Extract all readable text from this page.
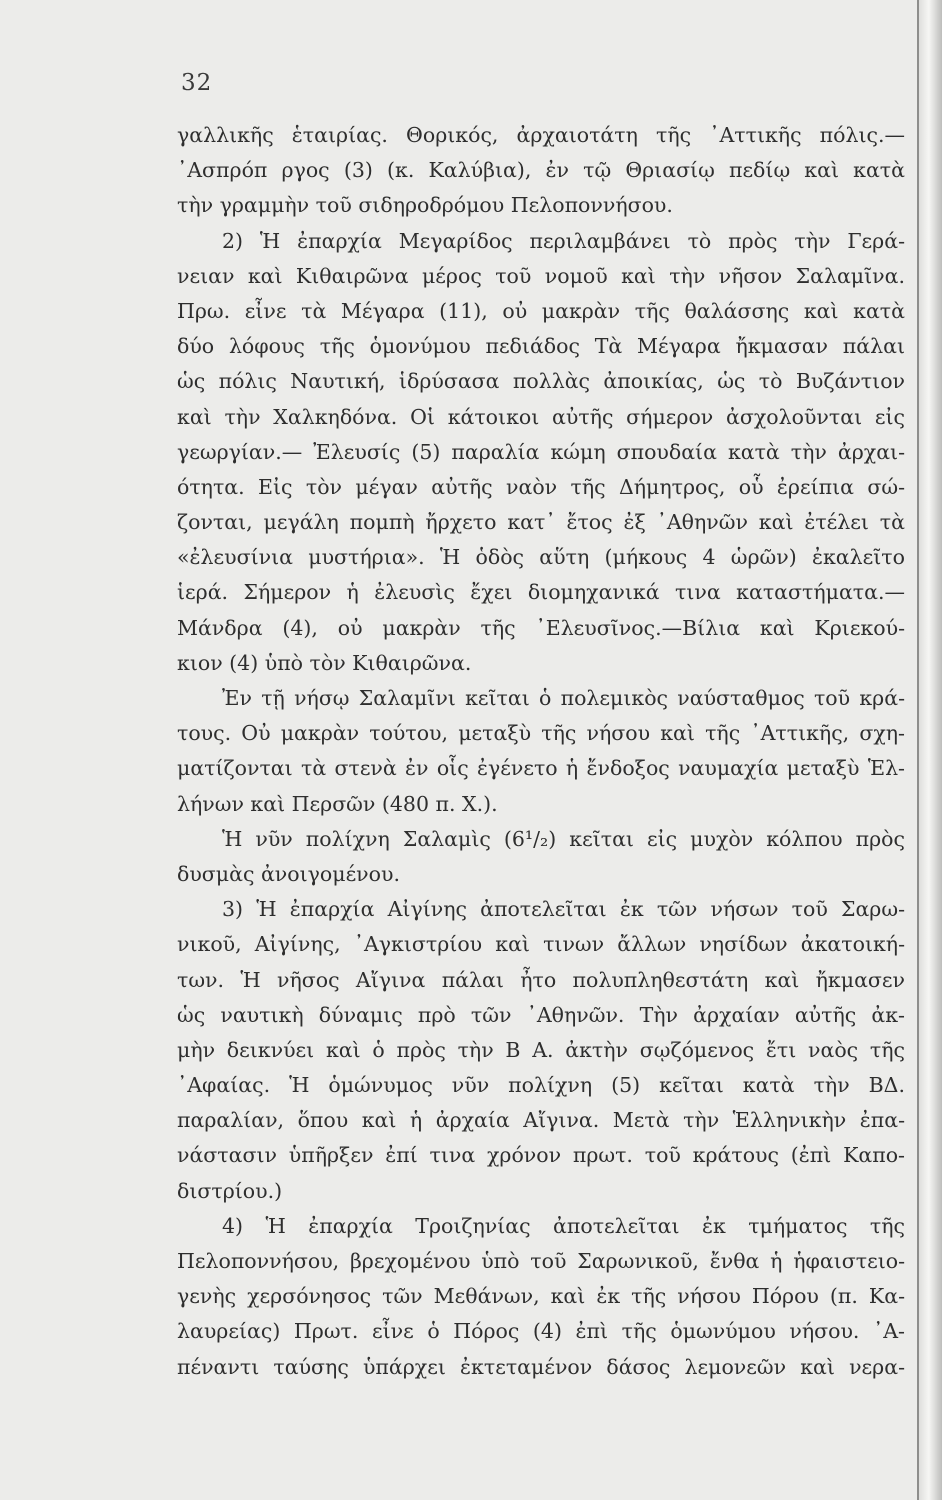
32
γαλλικῆς ἑταιρίας. Θορικός, ἀρχαιοτάτη τῆς ᾿Αττικῆς πόλις.—
᾿Ασπρόπ ργος (3) (κ. Καλύβια), ἐν τῷ Θριασίῳ πεδίῳ καὶ κατὰ
τὴν γραμμὴν τοῦ σιδηροδρόμου Πελοποννήσου.
2) Ἡ ἐπαρχία Μεγαρίδος περιλαμβάνει τὸ πρὸς τὴν Γερά-
νειαν καὶ Κιθαιρῶνα μέρος τοῦ νομοῦ καὶ τὴν νῆσον Σαλαμῖνα.
Πρω. εἶνε τὰ Μέγαρα (11), οὐ μακρὰν τῆς θαλάσσης καὶ κατὰ
δύο λόφους τῆς ὁμονύμου πεδιάδος Τὰ Μέγαρα ἤκμασαν πάλαι
ὡς πόλις Ναυτική, ἱδρύσασα πολλὰς ἀποικίας, ὡς τὸ Βυζάντιον
καὶ τὴν Χαλκηδόνα. Οἱ κάτοικοι αὐτῆς σήμερον ἀσχολοῦνται εἰς
γεωργίαν.— Ἐλευσίς (5) παραλία κώμη σπουδαία κατὰ τὴν ἀρχαι-
ότητα. Εἰς τὸν μέγαν αὐτῆς ναὸν τῆς Δήμητρος, οὗ ἐρείπια σώ-
ζονται, μεγάλη πομπὴ ἤρχετο κατ᾿ ἔτος ἐξ ᾿Αθηνῶν καὶ ἐτέλει τὰ
«ἐλευσίνια μυστήρια». Ἡ ὁδὸς αὕτη (μήκους 4 ὡρῶν) ἐκαλεῖτο
ἱερά. Σήμερον ἡ ἐλευσὶς ἔχει διομηχανικά τινα καταστήματα.—
Μάνδρα (4), οὐ μακρὰν τῆς ᾿Ελευσῖνος.—Βίλια καὶ Κριεκού-
κιον (4) ὑπὸ τὸν Κιθαιρῶνα.
Ἐν τῇ νήσῳ Σαλαμῖνι κεῖται ὁ πολεμικὸς ναύσταθμος τοῦ κρά-
τους. Οὐ μακρὰν τούτου, μεταξὺ τῆς νήσου καὶ τῆς ᾿Αττικῆς, σχη-
ματίζονται τὰ στενὰ ἐν οἷς ἐγένετο ἡ ἔνδοξος ναυμαχία μεταξὺ Ἑλ-
λήνων καὶ Περσῶν (480 π. Χ.).
Ἡ νῦν πολίχνη Σαλαμὶς (6¹/₂) κεῖται εἰς μυχὸν κόλπου πρὸς
δυσμὰς ἀνοιγομένου.
3) Ἡ ἐπαρχία Αἰγίνης ἀποτελεῖται ἐκ τῶν νήσων τοῦ Σαρω-
νικοῦ, Αἰγίνης, ᾿Αγκιστρίου καὶ τινων ἄλλων νησίδων ἀκατοική-
των. Ἡ νῆσος Αἴγινα πάλαι ἦτο πολυπληθεστάτη καὶ ἤκμασεν
ὡς ναυτικὴ δύναμις πρὸ τῶν ᾿Αθηνῶν. Τὴν ἀρχαίαν αὐτῆς ἀκ-
μὴν δεικνύει καὶ ὁ πρὸς τὴν Β Α. ἀκτὴν σῳζόμενος ἔτι ναὸς τῆς
᾿Αφαίας. Ἡ ὁμώνυμος νῦν πολίχνη (5) κεῖται κατὰ τὴν ΒΔ.
παραλίαν, ὅπου καὶ ἡ ἀρχαία Αἴγινα. Μετὰ τὴν Ἑλληνικὴν ἐπα-
νάστασιν ὑπῆρξεν ἐπί τινα χρόνον πρωτ. τοῦ κράτους (ἐπὶ Καπο-
διστρίου.)
4) Ἡ ἐπαρχία Τροιζηνίας ἀποτελεῖται ἐκ τμήματος τῆς
Πελοποννήσου, βρεχομένου ὑπὸ τοῦ Σαρωνικοῦ, ἔνθα ἡ ἡφαιστειο-
γενὴς χερσόνησος τῶν Μεθάνων, καὶ ἐκ τῆς νήσου Πόρου (π. Κα-
λαυρείας) Πρωτ. εἶνε ὁ Πόρος (4) ἐπὶ τῆς ὁμωνύμου νήσου. ᾿Α-
πέναντι ταύσης ὑπάρχει ἐκτεταμένον δάσος λεμονεῶν καὶ νερα-
